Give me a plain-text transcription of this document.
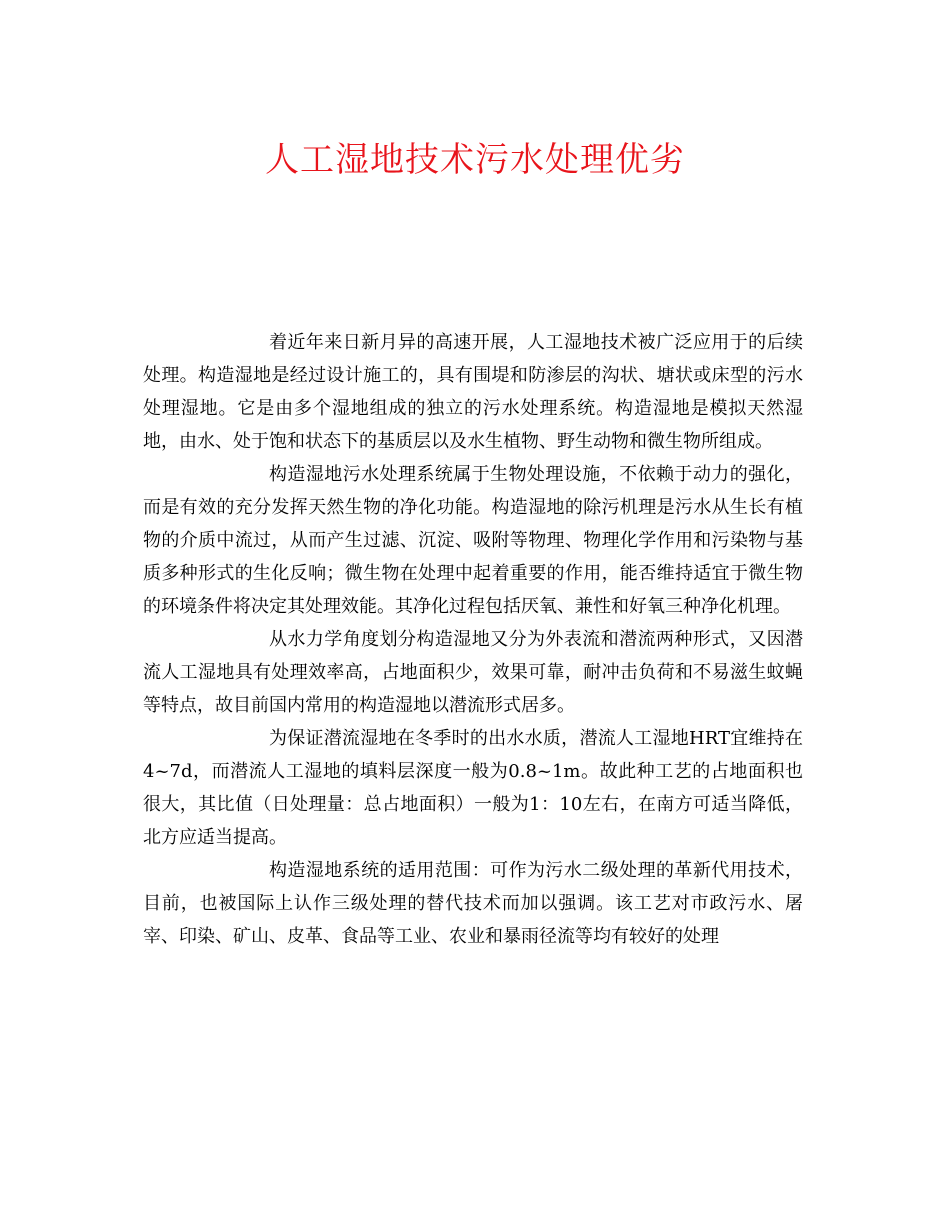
人工湿地技术污水处理优劣

着近年来日新月异的高速开展，人工湿地技术被广泛应用于的后续处理。构造湿地是经过设计施工的，具有围堤和防渗层的沟状、塘状或床型的污水处理湿地。它是由多个湿地组成的独立的污水处理系统。构造湿地是模拟天然湿地，由水、处于饱和状态下的基质层以及水生植物、野生动物和微生物所组成。

构造湿地污水处理系统属于生物处理设施，不依赖于动力的强化，而是有效的充分发挥天然生物的净化功能。构造湿地的除污机理是污水从生长有植物的介质中流过，从而产生过滤、沉淀、吸附等物理、物理化学作用和污染物与基质多种形式的生化反响；微生物在处理中起着重要的作用，能否维持适宜于微生物的环境条件将决定其处理效能。其净化过程包括厌氧、兼性和好氧三种净化机理。

从水力学角度划分构造湿地又分为外表流和潜流两种形式，又因潜流人工湿地具有处理效率高，占地面积少，效果可靠，耐冲击负荷和不易滋生蚊蝇等特点，故目前国内常用的构造湿地以潜流形式居多。

为保证潜流湿地在冬季时的出水水质，潜流人工湿地HRT宜维持在4~7d，而潜流人工湿地的填料层深度一般为0.8~1m。故此种工艺的占地面积也很大，其比值（日处理量：总占地面积）一般为1：10左右，在南方可适当降低，北方应适当提高。

构造湿地系统的适用范围：可作为污水二级处理的革新代用技术，目前，也被国际上认作三级处理的替代技术而加以强调。该工艺对市政污水、屠宰、印染、矿山、皮革、食品等工业、农业和暴雨径流等均有较好的处理
